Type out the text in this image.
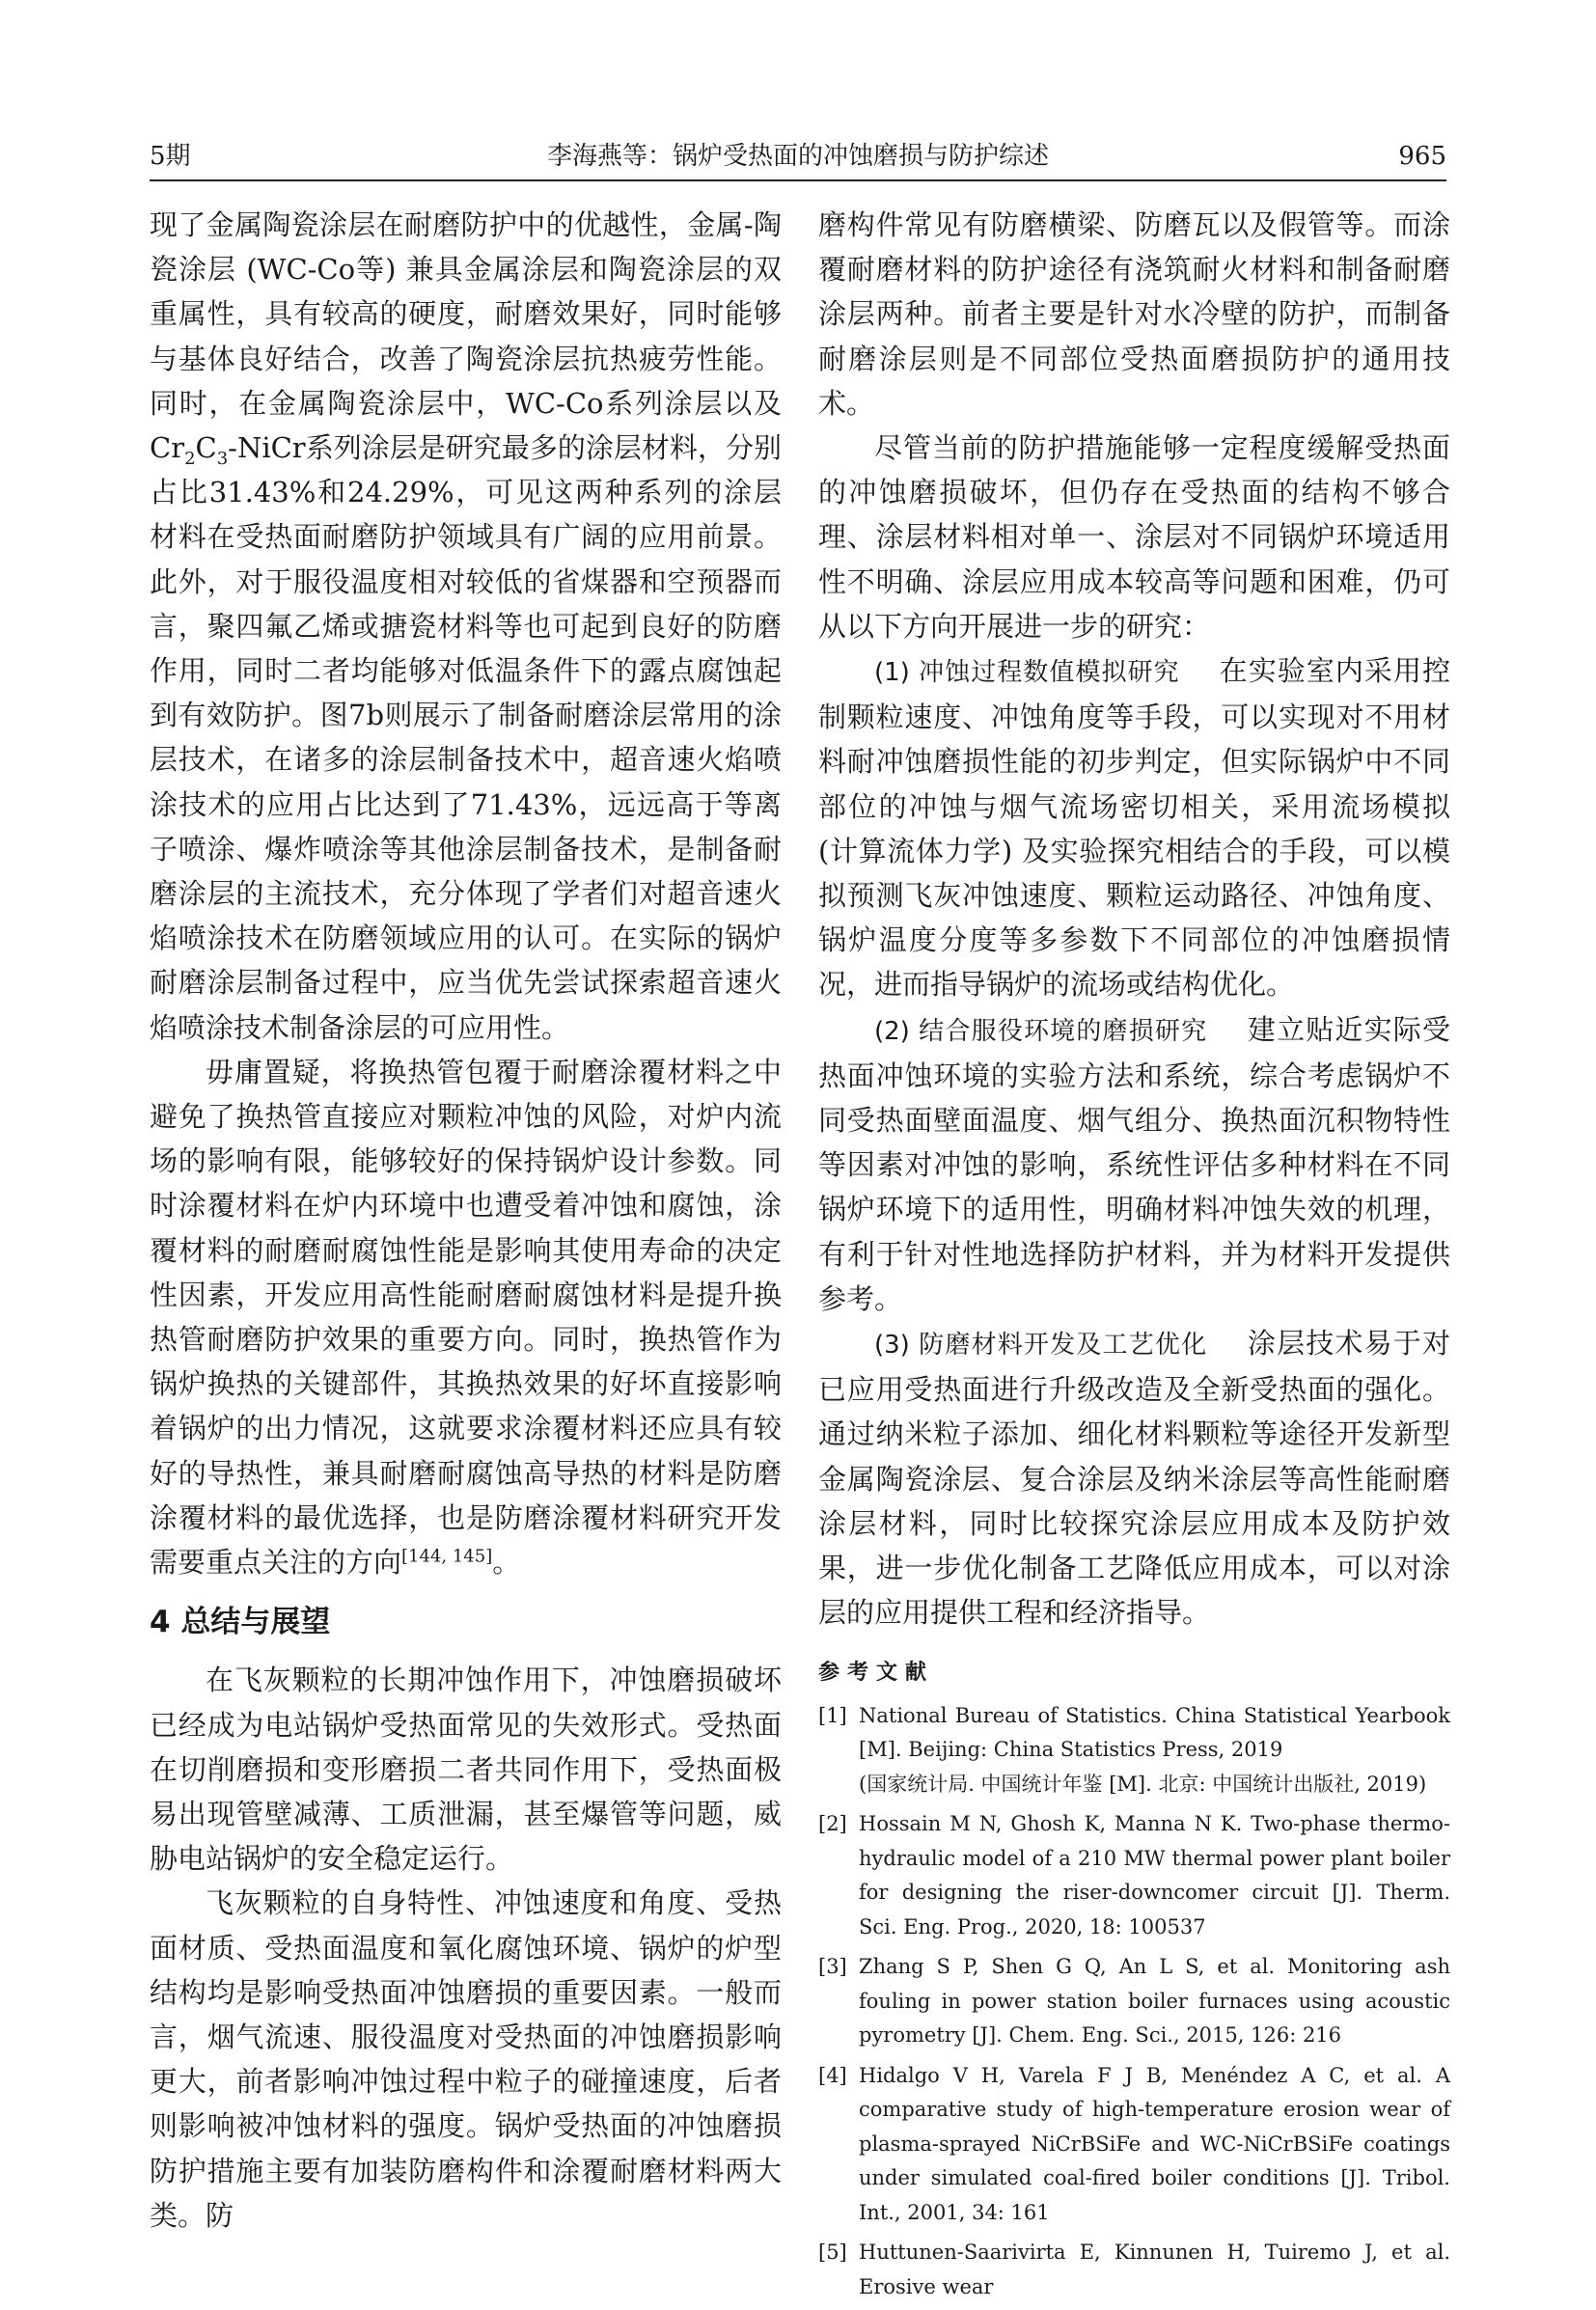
5期	李海燕等：锅炉受热面的冲蚀磨损与防护综述	965

现了金属陶瓷涂层在耐磨防护中的优越性，金属-陶瓷涂层 (WC-Co等) 兼具金属涂层和陶瓷涂层的双重属性，具有较高的硬度，耐磨效果好，同时能够与基体良好结合，改善了陶瓷涂层抗热疲劳性能。同时，在金属陶瓷涂层中，WC-Co系列涂层以及$Cr_2C_3$-NiCr系列涂层是研究最多的涂层材料，分别占比31.43%和24.29%，可见这两种系列的涂层材料在受热面耐磨防护领域具有广阔的应用前景。此外，对于服役温度相对较低的省煤器和空预器而言，聚四氟乙烯或搪瓷材料等也可起到良好的防磨作用，同时二者均能够对低温条件下的露点腐蚀起到有效防护。图7b则展示了制备耐磨涂层常用的涂层技术，在诸多的涂层制备技术中，超音速火焰喷涂技术的应用占比达到了71.43%，远远高于等离子喷涂、爆炸喷涂等其他涂层制备技术，是制备耐磨涂层的主流技术，充分体现了学者们对超音速火焰喷涂技术在防磨领域应用的认可。在实际的锅炉耐磨涂层制备过程中，应当优先尝试探索超音速火焰喷涂技术制备涂层的可应用性。

毋庸置疑，将换热管包覆于耐磨涂覆材料之中避免了换热管直接应对颗粒冲蚀的风险，对炉内流场的影响有限，能够较好的保持锅炉设计参数。同时涂覆材料在炉内环境中也遭受着冲蚀和腐蚀，涂覆材料的耐磨耐腐蚀性能是影响其使用寿命的决定性因素，开发应用高性能耐磨耐腐蚀材料是提升换热管耐磨防护效果的重要方向。同时，换热管作为锅炉换热的关键部件，其换热效果的好坏直接影响着锅炉的出力情况，这就要求涂覆材料还应具有较好的导热性，兼具耐磨耐腐蚀高导热的材料是防磨涂覆材料的最优选择，也是防磨涂覆材料研究开发需要重点关注的方向[144, 145]。

4 总结与展望

在飞灰颗粒的长期冲蚀作用下，冲蚀磨损破坏已经成为电站锅炉受热面常见的失效形式。受热面在切削磨损和变形磨损二者共同作用下，受热面极易出现管壁减薄、工质泄漏，甚至爆管等问题，威胁电站锅炉的安全稳定运行。

飞灰颗粒的自身特性、冲蚀速度和角度、受热面材质、受热面温度和氧化腐蚀环境、锅炉的炉型结构均是影响受热面冲蚀磨损的重要因素。一般而言，烟气流速、服役温度对受热面的冲蚀磨损影响更大，前者影响冲蚀过程中粒子的碰撞速度，后者则影响被冲蚀材料的强度。锅炉受热面的冲蚀磨损防护措施主要有加装防磨构件和涂覆耐磨材料两大类。防

磨构件常见有防磨横梁、防磨瓦以及假管等。而涂覆耐磨材料的防护途径有浇筑耐火材料和制备耐磨涂层两种。前者主要是针对水冷壁的防护，而制备耐磨涂层则是不同部位受热面磨损防护的通用技术。

尽管当前的防护措施能够一定程度缓解受热面的冲蚀磨损破坏，但仍存在受热面的结构不够合理、涂层材料相对单一、涂层对不同锅炉环境适用性不明确、涂层应用成本较高等问题和困难，仍可从以下方向开展进一步的研究：

(1) 冲蚀过程数值模拟研究 在实验室内采用控制颗粒速度、冲蚀角度等手段，可以实现对不用材料耐冲蚀磨损性能的初步判定，但实际锅炉中不同部位的冲蚀与烟气流场密切相关，采用流场模拟 (计算流体力学) 及实验探究相结合的手段，可以模拟预测飞灰冲蚀速度、颗粒运动路径、冲蚀角度、锅炉温度分度等多参数下不同部位的冲蚀磨损情况，进而指导锅炉的流场或结构优化。

(2) 结合服役环境的磨损研究 建立贴近实际受热面冲蚀环境的实验方法和系统，综合考虑锅炉不同受热面壁面温度、烟气组分、换热面沉积物特性等因素对冲蚀的影响，系统性评估多种材料在不同锅炉环境下的适用性，明确材料冲蚀失效的机理，有利于针对性地选择防护材料，并为材料开发提供参考。

(3) 防磨材料开发及工艺优化 涂层技术易于对已应用受热面进行升级改造及全新受热面的强化。通过纳米粒子添加、细化材料颗粒等途径开发新型金属陶瓷涂层、复合涂层及纳米涂层等高性能耐磨涂层材料，同时比较探究涂层应用成本及防护效果，进一步优化制备工艺降低应用成本，可以对涂层的应用提供工程和经济指导。

参考文献
[1] National Bureau of Statistics. China Statistical Yearbook [M]. Beijing: China Statistics Press, 2019
(国家统计局. 中国统计年鉴 [M]. 北京: 中国统计出版社, 2019)
[2] Hossain M N, Ghosh K, Manna N K. Two-phase thermo-hydraulic model of a 210 MW thermal power plant boiler for designing the riser-downcomer circuit [J]. Therm. Sci. Eng. Prog., 2020, 18: 100537
[3] Zhang S P, Shen G Q, An L S, et al. Monitoring ash fouling in power station boiler furnaces using acoustic pyrometry [J]. Chem. Eng. Sci., 2015, 126: 216
[4] Hidalgo V H, Varela F J B, Menéndez A C, et al. A comparative study of high-temperature erosion wear of plasma-sprayed NiCrBSiFe and WC-NiCrBSiFe coatings under simulated coal-fired boiler conditions [J]. Tribol. Int., 2001, 34: 161
[5] Huttunen-Saarivirta E, Kinnunen H, Tuiremo J, et al. Erosive wear
